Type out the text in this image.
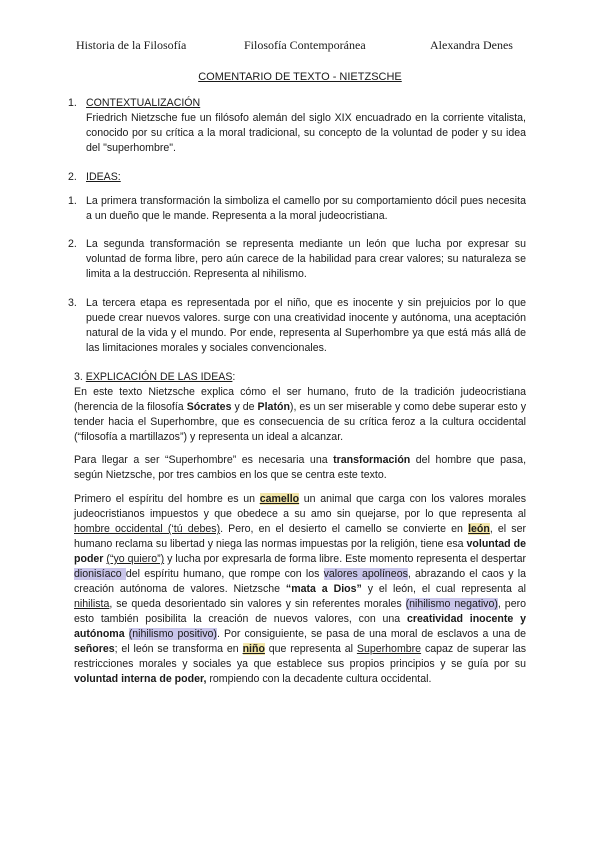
Historia de la Filosofía	Filosofía Contemporánea	Alexandra Denes
COMENTARIO DE TEXTO - NIETZSCHE
1. CONTEXTUALIZACIÓN
Friedrich Nietzsche fue un filósofo alemán del siglo XIX encuadrado en la corriente vitalista, conocido por su crítica a la moral tradicional, su concepto de la voluntad de poder y su idea del "superhombre".
2. IDEAS:
1. La primera transformación la simboliza el camello por su comportamiento dócil pues necesita a un dueño que le mande. Representa a la moral judeocristiana.
2. La segunda transformación se representa mediante un león que lucha por expresar su voluntad de forma libre, pero aún carece de la habilidad para crear valores; su naturaleza se limita a la destrucción. Representa al nihilismo.
3. La tercera etapa es representada por el niño, que es inocente y sin prejuicios por lo que puede crear nuevos valores. surge con una creatividad inocente y autónoma, una aceptación natural de la vida y el mundo. Por ende, representa al Superhombre ya que está más allá de las limitaciones morales y sociales convencionales.
3. EXPLICACIÓN DE LAS IDEAS:

En este texto Nietzsche explica cómo el ser humano, fruto de la tradición judeocristiana (herencia de la filosofía Sócrates y de Platón), es un ser miserable y como debe superar esto y tender hacia el Superhombre, que es consecuencia de su crítica feroz a la cultura occidental (“filosofía a martillazos”) y representa un ideal a alcanzar.

Para llegar a ser “Superhombre” es necesaria una transformación del hombre que pasa, según Nietzsche, por tres cambios en los que se centra este texto.

Primero el espíritu del hombre es un camello un animal que carga con los valores morales judeocristianos impuestos y que obedece a su amo sin quejarse, por lo que representa al hombre occidental (‘tú debes). Pero, en el desierto el camello se convierte en león, el ser humano reclama su libertad y niega las normas impuestas por la religión, tiene esa voluntad de poder (“yo quiero”) y lucha por expresarla de forma libre. Este momento representa el despertar dionisíaco del espíritu humano, que rompe con los valores apolíneos, abrazando el caos y la creación autónoma de valores. Nietzsche “mata a Dios” y el león, el cual representa al nihilista, se queda desorientado sin valores y sin referentes morales (nihilismo negativo), pero esto también posibilita la creación de nuevos valores, con una creatividad inocente y autónoma (nihilismo positivo). Por consiguiente, se pasa de una moral de esclavos a una de señores; el león se transforma en niño que representa al Superhombre capaz de superar las restricciones morales y sociales ya que establece sus propios principios y se guía por su voluntad interna de poder, rompiendo con la decadente cultura occidental.
